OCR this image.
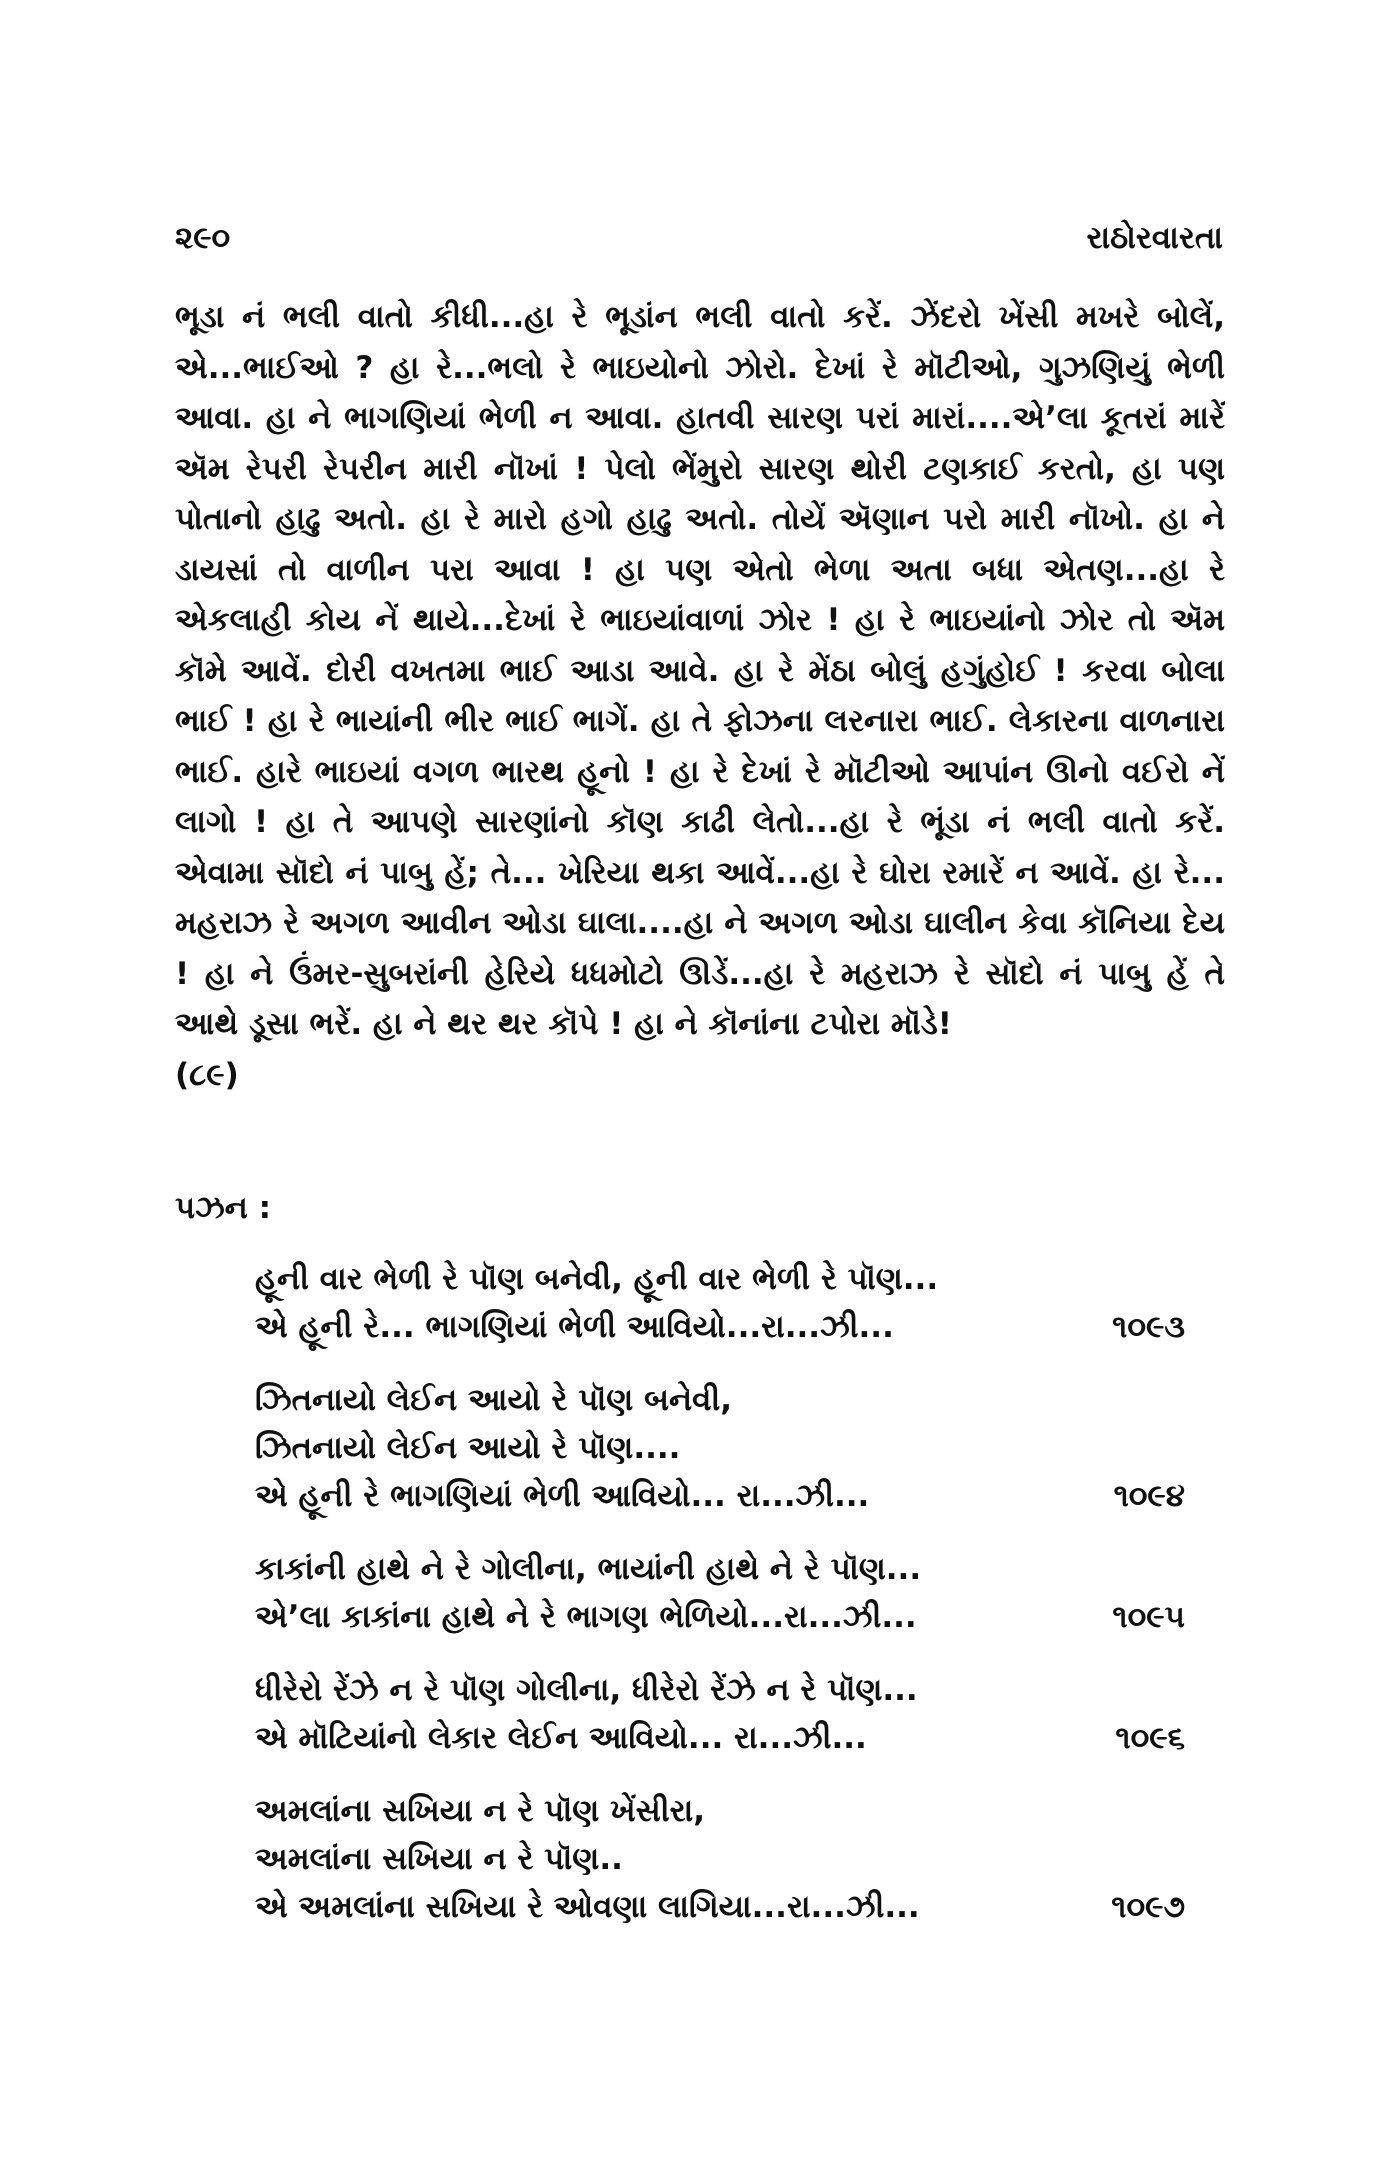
૨૯૦	રાઠોરવારતા
ભૂડા નં ભલી વાતો કીધી...હા રે ભૂડાંન ભલી વાતો કરેં. ઝેંદરો ખેંસી મખરે બોલેં, એ...ભાઈઓ ? હા રે...ભલો રે ભાઇયોનો ઝોરો. દેખાં રે મૉટીઓ, ગુઝણિયું ભેળી આવા. હા ને ભાગણિયાં ભેળી ન આવા. હાતવી સારણ પરાં મારાં....એ’લા કૂતરાં મારેં ઍમ રેપરી રેપરીન મારી નૉખાં ! પેલો ભેંમુરો સારણ થોરી ટણકાઈ કરતો, હા પણ પોતાનો હાઢુ અતો. હા રે મારો હગો હાઢુ અતો. તોયેં ઍણાન પરો મારી નૉખો. હા ને ડાયસાં તો વાળીન પરા આવા ! હા પણ એતો ભેળા અતા બધા એતણ...હા રે એકલાહી કોય નેં થાયે...દેખાં રે ભાઇયાંવાળાં ઝોર ! હા રે ભાઇયાંનો ઝોર તો ઍમ કૉમે આવેં. દોરી વખતમા ભાઈ આડા આવે. હા રે મેંઠા બોલું હગુંહોઈ ! કરવા બોલા ભાઈ ! હા રે ભાયાંની ભીર ભાઈ ભાગેં. હા તે ફોઝના લરનારા ભાઈ. લેકારના વાળનારા ભાઈ. હારે ભાઇયાં વગળ ભારથ હૂનો ! હા રે દેખાં રે મૉટીઓ આપાંન ઊનો વઈરો નેં લાગો ! હા તે આપણે સારણાંનો કૉણ કાઢી લેતો...હા રે ભૂંડા નં ભલી વાતો કરેં. એવામા સૉદો નં પાબુ હેં; તે... ખેરિયા થકા આવેં...હા રે ઘોરા રમારેં ન આવેં. હા રે... મહરાઝ રે અગળ આવીન ઓડા ઘાલા....હા ને અગળ ઓડા ઘાલીન કેવા કૉનિયા દેય ! હા ને ઉંમર-સુબરાંની હેરિયે ધધમોટો ઊડેં...હા રે મહરાઝ રે સૉદો નં પાબુ હેં તે આથે ડૂસા ભરેં. હા ને થર થર કૉપે ! હા ને કૉનાંના ટપોરા મૉડે!
(૮૯)
પઝન :
હૂની વાર ભેળી રે પૉણ બનેવી, હૂની વાર ભેળી રે પૉણ...
એ હૂની રે... ભાગણિયાં ભેળી આવિયો...રા...ઝી...	૧૦૯૩
ઝિતનાયો લેઈન આયો રે પૉણ બનેવી,
ઝિતનાયો લેઈન આયો રે પૉણ....
એ હૂની રે ભાગણિયાં ભેળી આવિયો... રા...ઝી...	૧૦૯૪
કાકાંની હાથે ને રે ગોલીના, ભાયાંની હાથે ને રે પૉણ...
એ’લા કાકાંના હાથે ને રે ભાગણ ભેળિયો...રા...ઝી...	૧૦૯૫
ધીરેરો રેંઝે ન રે પૉણ ગોલીના, ધીરેરો રેંઝે ન રે પૉણ...
એ મૉટિયાંનો લેકાર લેઈન આવિયો... રા...ઝી...	૧૦૯૬
અમલાંના સખિયા ન રે પૉણ ખેંસીરા,
અમલાંના સખિયા ન રે પૉણ..
એ અમલાંના સખિયા રે ઓવણા લાગિયા...રા...ઝી...	૧૦૯૭
